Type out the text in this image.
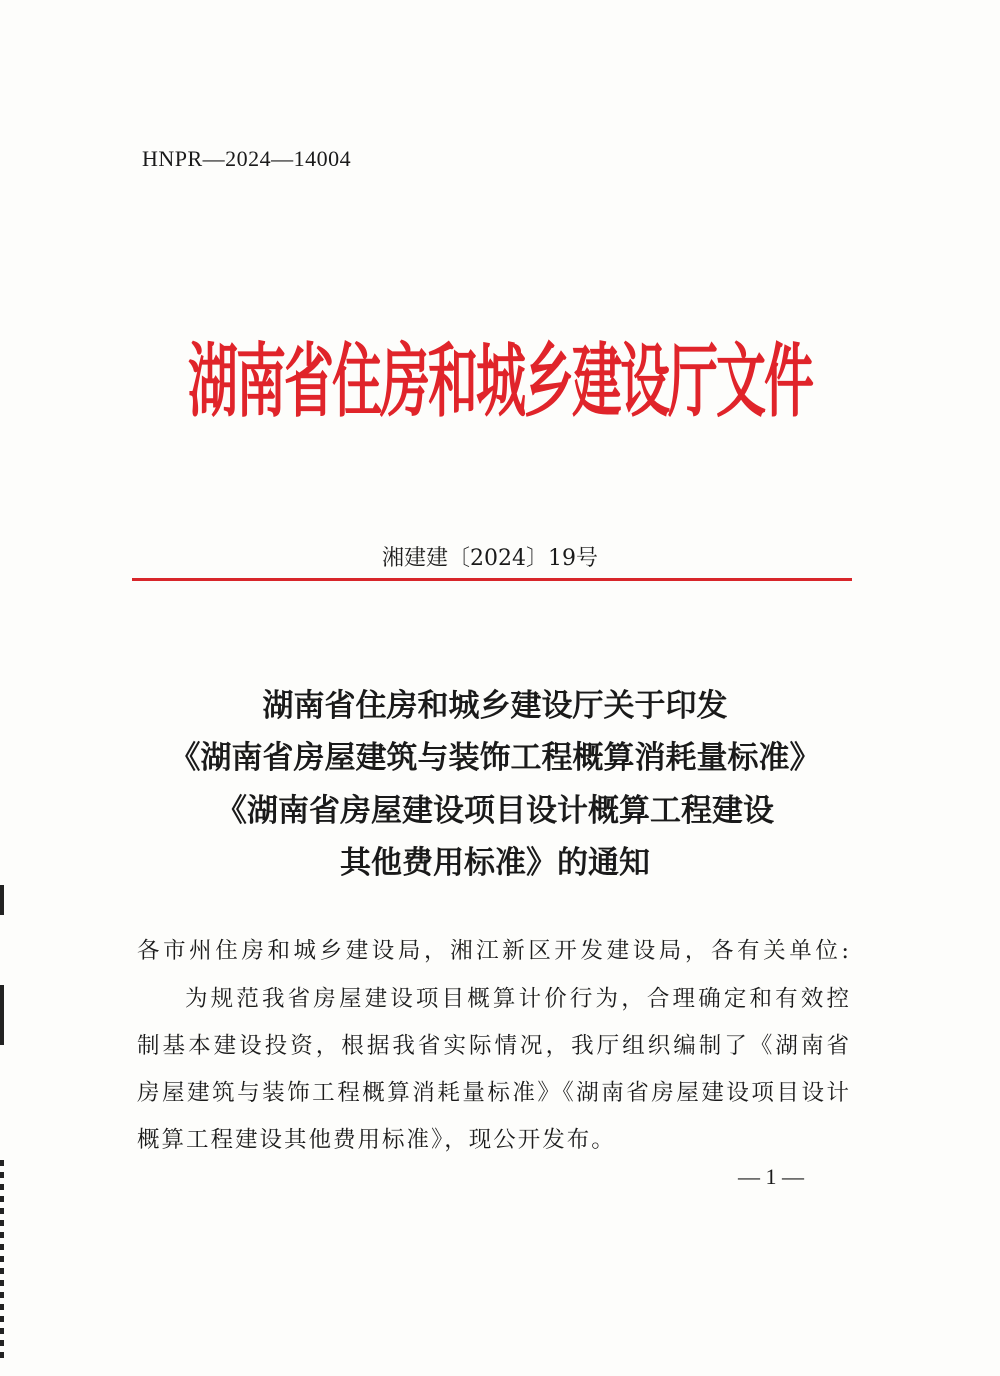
HNPR—2024—14004
湖南省住房和城乡建设厅文件
湘建建〔2024〕19号
湖南省住房和城乡建设厅关于印发
《湖南省房屋建筑与装饰工程概算消耗量标准》
《湖南省房屋建设项目设计概算工程建设
其他费用标准》的通知
各市州住房和城乡建设局，湘江新区开发建设局，各有关单位:
为规范我省房屋建设项目概算计价行为，合理确定和有效控
制基本建设投资，根据我省实际情况，我厅组织编制了《湖南省
房屋建筑与装饰工程概算消耗量标准》《湖南省房屋建设项目设计
概算工程建设其他费用标准》，现公开发布。
— 1 —
